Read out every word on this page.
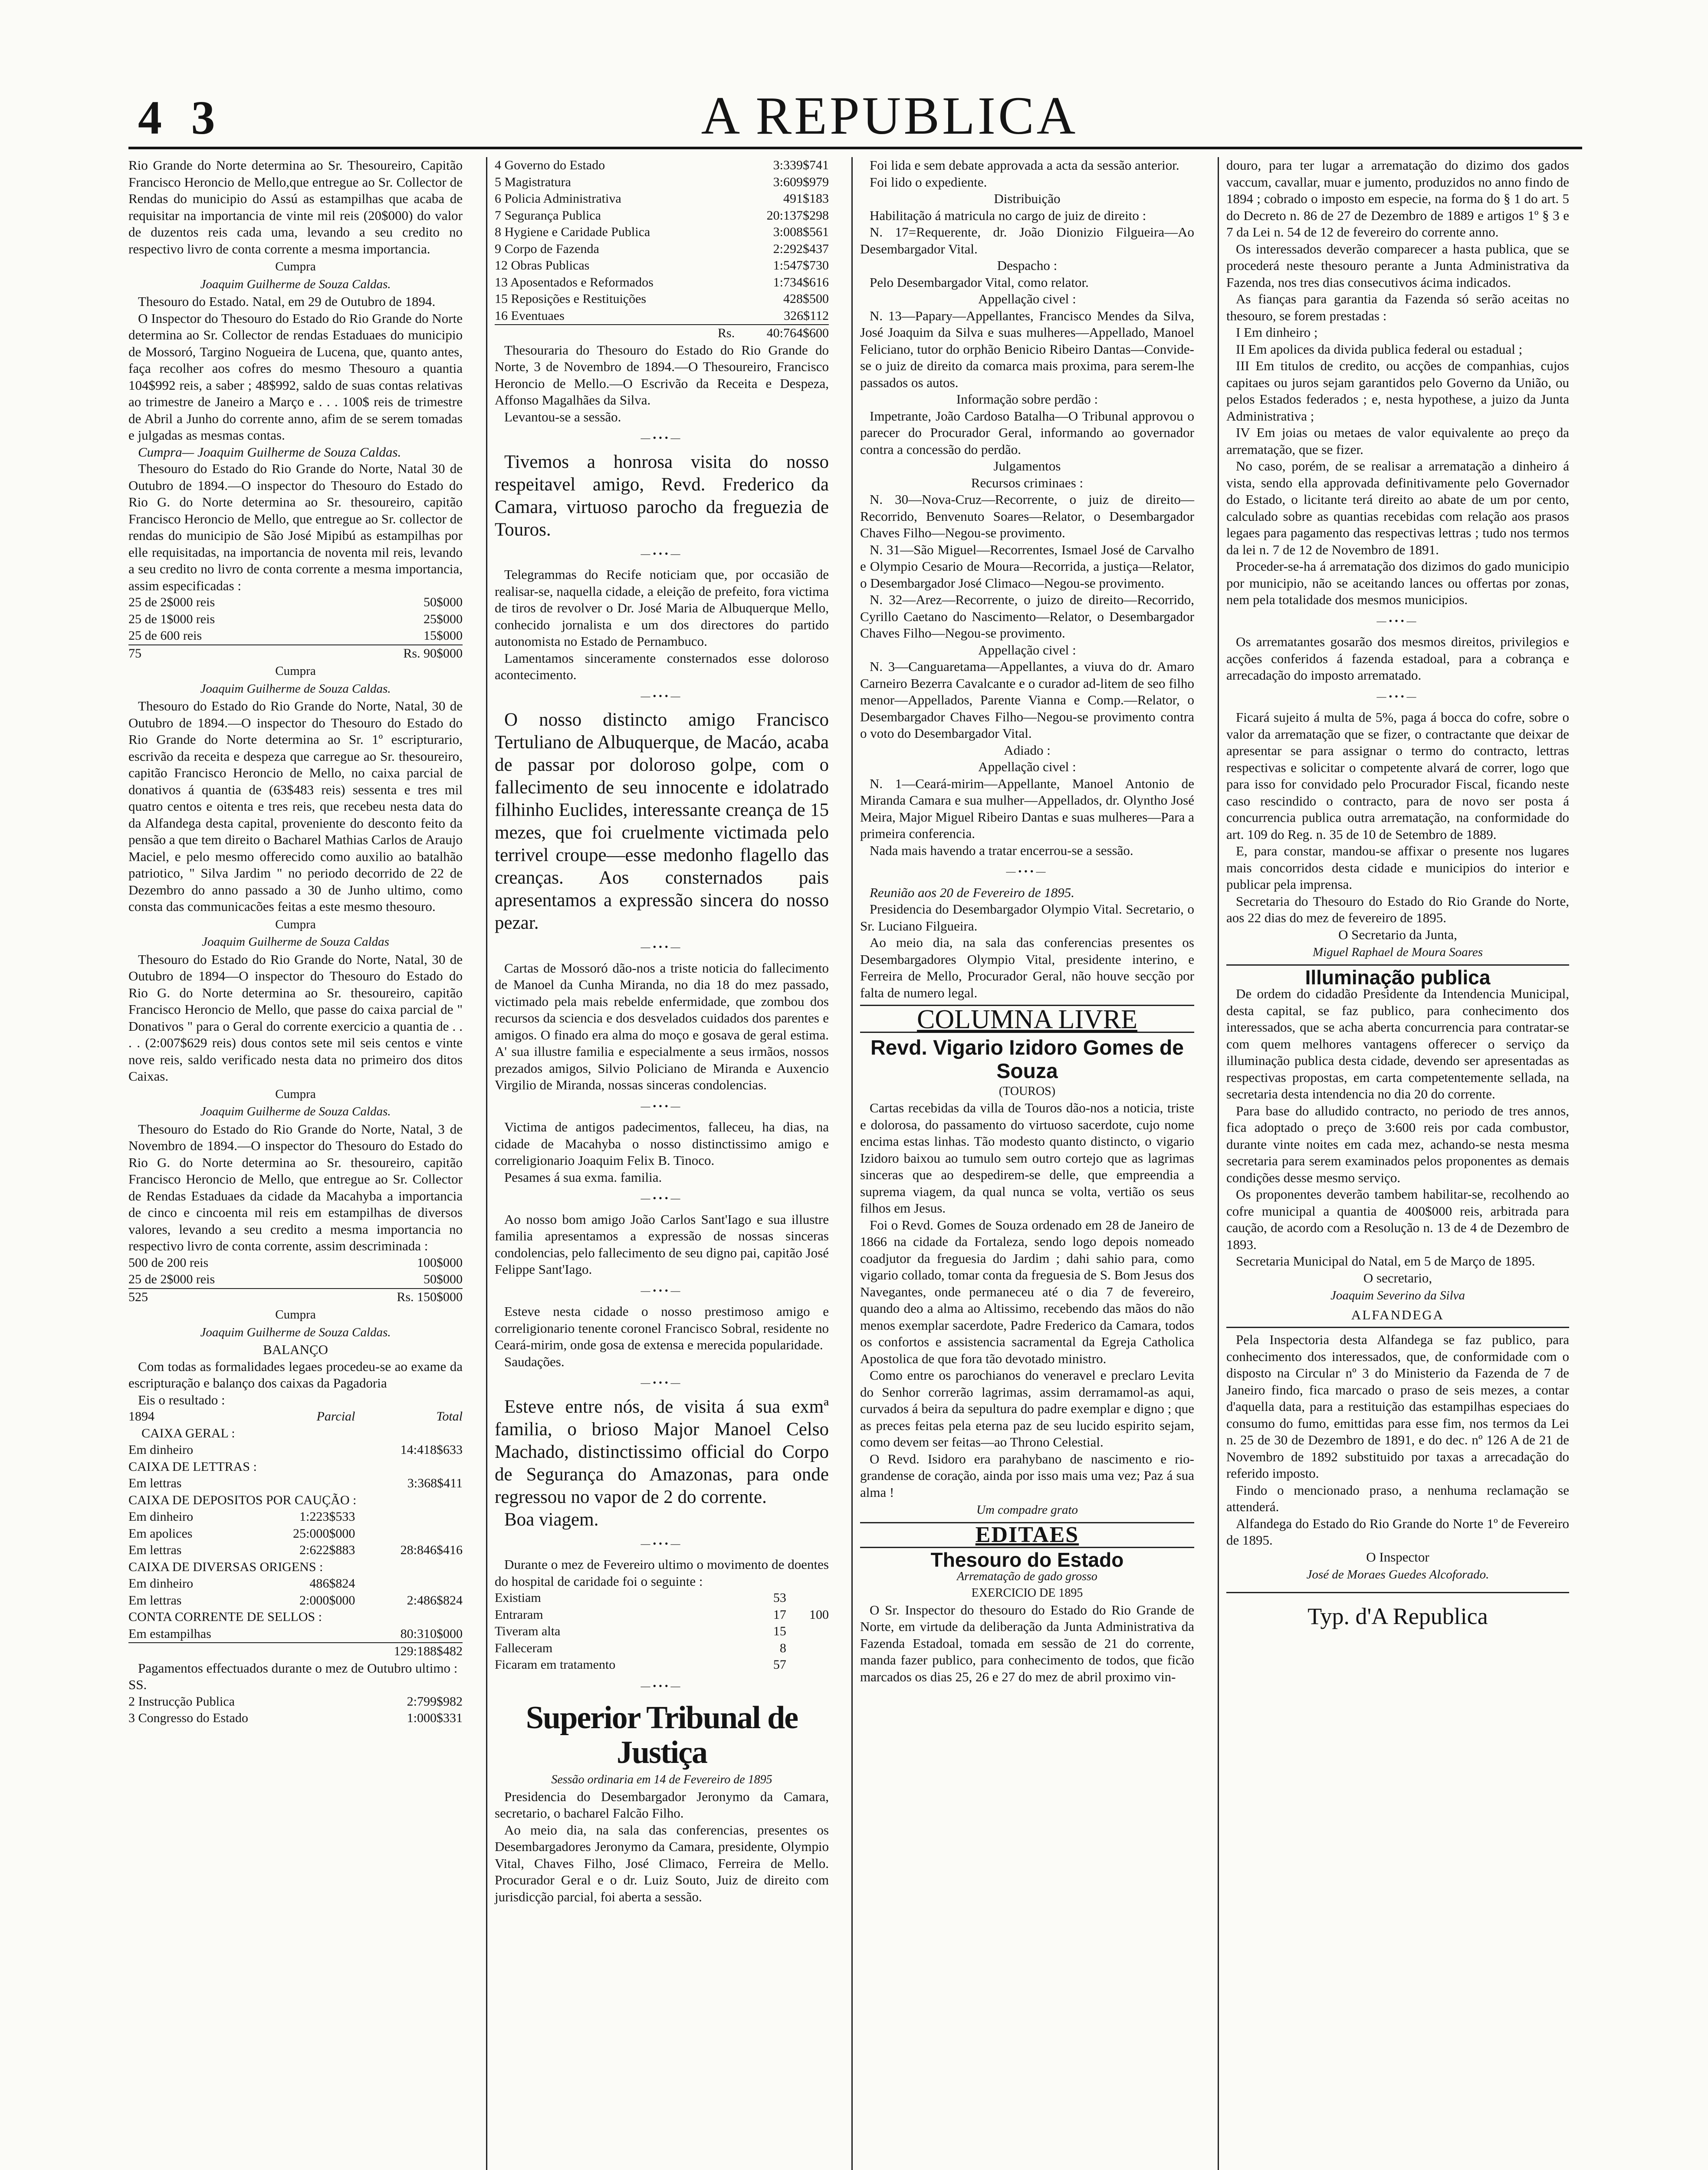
4 3	A REPUBLICA

Rio Grande do Norte determina ao Sr. Thesoureiro, Capitão Francisco Heroncio de Mello,que entregue ao Sr. Collector de Rendas do municipio do Assú as estampilhas que acaba de requisitar na importancia de vinte mil reis (20$000) do valor de duzentos reis cada uma, levando a seu credito no respectivo livro de conta corrente a mesma importancia.

Cumpra
Joaquim Guilherme de Souza Caldas.

Thesouro do Estado. Natal, em 29 de Outubro de 1894.

O Inspector do Thesouro do Estado do Rio Grande do Norte determina ao Sr. Collector de rendas Estaduaes do municipio de Mossoró, Targino Nogueira de Lucena, que, quanto antes, faça recolher aos cofres do mesmo Thesouro a quantia 104$992 reis, a saber ; 48$992, saldo de suas contas relativas ao trimestre de Janeiro a Março e . . . 100$ reis de trimestre de Abril a Junho do corrente anno, afim de se serem tomadas e julgadas as mesmas contas.

Cumpra— Joaquim Guilherme de Souza Caldas.

Thesouro do Estado do Rio Grande do Norte, Natal 30 de Outubro de 1894.—O inspector do Thesouro do Estado do Rio G. do Norte determina ao Sr. thesoureiro, capitão Francisco Heroncio de Mello, que entregue ao Sr. collector de rendas do municipio de São José Mipibú as estampilhas por elle requisitadas, na importancia de noventa mil reis, levando a seu credito no livro de conta corrente a mesma importancia, assim especificadas :

25 de 2$000 reis	50$000
25 de 1$000 reis	25$000
25 de 600 reis	15$000
75	Rs. 90$000
Cumpra
Joaquim Guilherme de Souza Caldas.

Thesouro do Estado do Rio Grande do Norte, Natal, 30 de Outubro de 1894.—O inspector do Thesouro do Estado do Rio Grande do Norte determina ao Sr. 1º escripturario, escrivão da receita e despeza que carregue ao Sr. thesoureiro, capitão Francisco Heroncio de Mello, no caixa parcial de donativos á quantia de (63$483 reis) sessenta e tres mil quatro centos e oitenta e tres reis, que recebeu nesta data do da Alfandega desta capital, proveniente do desconto feito da pensão a que tem direito o Bacharel Mathias Carlos de Araujo Maciel, e pelo mesmo offerecido como auxilio ao batalhão patriotico, " Silva Jardim " no periodo decorrido de 22 de Dezembro do anno passado a 30 de Junho ultimo, como consta das communicacões feitas a este mesmo thesouro.

Cumpra
Joaquim Guilherme de Souza Caldas

Thesouro do Estado do Rio Grande do Norte, Natal, 30 de Outubro de 1894—O inspector do Thesouro do Estado do Rio G. do Norte determina ao Sr. thesoureiro, capitão Francisco Heroncio de Mello, que passe do caixa parcial de " Donativos " para o Geral do corrente exercicio a quantia de . . . . (2:007$629 reis) dous contos sete mil seis centos e vinte nove reis, saldo verificado nesta data no primeiro dos ditos Caixas.

Cumpra
Joaquim Guilherme de Souza Caldas.

Thesouro do Estado do Rio Grande do Norte, Natal, 3 de Novembro de 1894.—O inspector do Thesouro do Estado do Rio G. do Norte determina ao Sr. thesoureiro, capitão Francisco Heroncio de Mello, que entregue ao Sr. Collector de Rendas Estaduaes da cidade da Macahyba a importancia de cinco e cincoenta mil reis em estampilhas de diversos valores, levando a seu credito a mesma importancia no respectivo livro de conta corrente, assim descriminada :

500 de 200 reis	100$000
25 de 2$000 reis	50$000
525	Rs. 150$000
Cumpra
Joaquim Guilherme de Souza Caldas.
BALANÇO

Com todas as formalidades legaes procedeu-se ao exame da escripturação e balanço dos caixas da Pagadoria

Eis o resultado :

1894	Parcial	Total
CAIXA GERAL :		
Em dinheiro		14:418$633
CAIXA DE LETTRAS :		
Em lettras		3:368$411
CAIXA DE DEPOSITOS POR CAUÇÃO :		
Em dinheiro	1:223$533	
Em apolices	25:000$000	
Em lettras	2:622$883	28:846$416
CAIXA DE DIVERSAS ORIGENS :		
Em dinheiro	486$824	
Em lettras	2:000$000	2:486$824
CONTA CORRENTE DE SELLOS :		
Em estampilhas		80:310$000
		129:188$482

Pagamentos effectuados durante o mez de Outubro ultimo :

SS.
2 Instrucção Publica	2:799$982
3 Congresso do Estado	1:000$331
4 Governo do Estado	3:339$741
5 Magistratura	3:609$979
6 Policia Administrativa	491$183
7 Segurança Publica	20:137$298
8 Hygiene e Caridade Publica	3:008$561
9 Corpo de Fazenda	2:292$437
12 Obras Publicas	1:547$730
13 Aposentados e Reformados	1:734$616
15 Reposições e Restituições	428$500
16 Eventuaes	326$112
Rs.	40:764$600

Thesouraria do Thesouro do Estado do Rio Grande do Norte, 3 de Novembro de 1894.—O Thesoureiro, Francisco Heroncio de Mello.—O Escrivão da Receita e Despeza, Affonso Magalhães da Silva.

Levantou-se a sessão.

—•••—

Tivemos a honrosa visita do nosso respeitavel amigo, Revd. Frederico da Camara, virtuoso parocho da freguezia de Touros.

—•••—

Telegrammas do Recife noticiam que, por occasião de realisar-se, naquella cidade, a eleição de prefeito, fora victima de tiros de revolver o Dr. José Maria de Albuquerque Mello, conhecido jornalista e um dos directores do partido autonomista no Estado de Pernambuco.

Lamentamos sinceramente consternados esse doloroso acontecimento.

—•••—

O nosso distincto amigo Francisco Tertuliano de Albuquerque, de Macáo, acaba de passar por doloroso golpe, com o fallecimento de seu innocente e idolatrado filhinho Euclides, interessante creança de 15 mezes, que foi cruelmente victimada pelo terrivel croupe—esse medonho flagello das creanças. Aos consternados pais apresentamos a expressão sincera do nosso pezar.

—•••—

Cartas de Mossoró dão-nos a triste noticia do fallecimento de Manoel da Cunha Miranda, no dia 18 do mez passado, victimado pela mais rebelde enfermidade, que zombou dos recursos da sciencia e dos desvelados cuidados dos parentes e amigos. O finado era alma do moço e gosava de geral estima. A' sua illustre familia e especialmente a seus irmãos, nossos prezados amigos, Silvio Policiano de Miranda e Auxencio Virgilio de Miranda, nossas sinceras condolencias.

—•••—

Victima de antigos padecimentos, falleceu, ha dias, na cidade de Macahyba o nosso distinctissimo amigo e correligionario Joaquim Felix B. Tinoco.

Pesames á sua exma. familia.

—•••—

Ao nosso bom amigo João Carlos Sant'Iago e sua illustre familia apresentamos a expressão de nossas sinceras condolencias, pelo fallecimento de seu digno pai, capitão José Felippe Sant'Iago.

—•••—

Esteve nesta cidade o nosso prestimoso amigo e correligionario tenente coronel Francisco Sobral, residente no Ceará-mirim, onde gosa de extensa e merecida popularidade.

Saudações.

—•••—

Esteve entre nós, de visita á sua exmª familia, o brioso Major Manoel Celso Machado, distinctissimo official do Corpo de Segurança do Amazonas, para onde regressou no vapor de 2 do corrente.

Boa viagem.

—•••—

Durante o mez de Fevereiro ultimo o movimento de doentes do hospital de caridade foi o seguinte :

Existiam	53	
Entraram	17	100
Tiveram alta	15	
Falleceram	8	
Ficaram em tratamento	57	
—•••—
Superior Tribunal de Justiça
Sessão ordinaria em 14 de Fevereiro de 1895

Presidencia do Desembargador Jeronymo da Camara, secretario, o bacharel Falcão Filho.

Ao meio dia, na sala das conferencias, presentes os Desembargadores Jeronymo da Camara, presidente, Olympio Vital, Chaves Filho, José Climaco, Ferreira de Mello. Procurador Geral e o dr. Luiz Souto, Juiz de direito com jurisdicção parcial, foi aberta a sessão.

Foi lida e sem debate approvada a acta da sessão anterior.

Foi lido o expediente.

Distribuição

Habilitação á matricula no cargo de juiz de direito :

N. 17=Requerente, dr. João Dionizio Filgueira—Ao Desembargador Vital.

Despacho :

Pelo Desembargador Vital, como relator.

Appellação civel :

N. 13—Papary—Appellantes, Francisco Mendes da Silva, José Joaquim da Silva e suas mulheres—Appellado, Manoel Feliciano, tutor do orphão Benicio Ribeiro Dantas—Convide-se o juiz de direito da comarca mais proxima, para serem-lhe passados os autos.

Informação sobre perdão :

Impetrante, João Cardoso Batalha—O Tribunal approvou o parecer do Procurador Geral, informando ao governador contra a concessão do perdão.

Julgamentos
Recursos criminaes :

N. 30—Nova-Cruz—Recorrente, o juiz de direito—Recorrido, Benvenuto Soares—Relator, o Desembargador Chaves Filho—Negou-se provimento.

N. 31—São Miguel—Recorrentes, Ismael José de Carvalho e Olympio Cesario de Moura—Recorrida, a justiça—Relator, o Desembargador José Climaco—Negou-se provimento.

N. 32—Arez—Recorrente, o juizo de direito—Recorrido, Cyrillo Caetano do Nascimento—Relator, o Desembargador Chaves Filho—Negou-se provimento.

Appellação civel :

N. 3—Canguaretama—Appellantes, a viuva do dr. Amaro Carneiro Bezerra Cavalcante e o curador ad-litem de seo filho menor—Appellados, Parente Vianna e Comp.—Relator, o Desembargador Chaves Filho—Negou-se provimento contra o voto do Desembargador Vital.

Adiado :
Appellação civel :

N. 1—Ceará-mirim—Appellante, Manoel Antonio de Miranda Camara e sua mulher—Appellados, dr. Olyntho José Meira, Major Miguel Ribeiro Dantas e suas mulheres—Para a primeira conferencia.

Nada mais havendo a tratar encerrou-se a sessão.

—•••—

Reunião aos 20 de Fevereiro de 1895.

Presidencia do Desembargador Olympio Vital. Secretario, o Sr. Luciano Filgueira.

Ao meio dia, na sala das conferencias presentes os Desembargadores Olympio Vital, presidente interino, e Ferreira de Mello, Procurador Geral, não houve secção por falta de numero legal.

COLUMNA LIVRE
Revd. Vigario Izidoro Gomes de Souza
(TOUROS)

Cartas recebidas da villa de Touros dão-nos a noticia, triste e dolorosa, do passamento do virtuoso sacerdote, cujo nome encima estas linhas. Tão modesto quanto distincto, o vigario Izidoro baixou ao tumulo sem outro cortejo que as lagrimas sinceras que ao despedirem-se delle, que empreendia a suprema viagem, da qual nunca se volta, vertião os seus filhos em Jesus.

Foi o Revd. Gomes de Souza ordenado em 28 de Janeiro de 1866 na cidade da Fortaleza, sendo logo depois nomeado coadjutor da freguesia do Jardim ; dahi sahio para, como vigario collado, tomar conta da freguesia de S. Bom Jesus dos Navegantes, onde permaneceu até o dia 7 de fevereiro, quando deo a alma ao Altissimo, recebendo das mãos do não menos exemplar sacerdote, Padre Frederico da Camara, todos os confortos e assistencia sacramental da Egreja Catholica Apostolica de que fora tão devotado ministro.

Como entre os parochianos do veneravel e preclaro Levita do Senhor correrão lagrimas, assim derramamol-as aqui, curvados á beira da sepultura do padre exemplar e digno ; que as preces feitas pela eterna paz de seu lucido espirito sejam, como devem ser feitas—ao Throno Celestial.

O Revd. Isidoro era parahybano de nascimento e rio-grandense de coração, ainda por isso mais uma vez; Paz á sua alma !

Um compadre grato
EDITAES
Thesouro do Estado
Arrematação de gado grosso
EXERCICIO DE 1895

O Sr. Inspector do thesouro do Estado do Rio Grande de Norte, em virtude da deliberação da Junta Administrativa da Fazenda Estadoal, tomada em sessão de 21 do corrente, manda fazer publico, para conhecimento de todos, que ficão marcados os dias 25, 26 e 27 do mez de abril proximo vin-

douro, para ter lugar a arrematação do dizimo dos gados vaccum, cavallar, muar e jumento, produzidos no anno findo de 1894 ; cobrado o imposto em especie, na forma do § 1 do art. 5 do Decreto n. 86 de 27 de Dezembro de 1889 e artigos 1º § 3 e 7 da Lei n. 54 de 12 de fevereiro do corrente anno.

Os interessados deverão comparecer a hasta publica, que se procederá neste thesouro perante a Junta Administrativa da Fazenda, nos tres dias consecutivos ácima indicados.

As fianças para garantia da Fazenda só serão aceitas no thesouro, se forem prestadas :

I Em dinheiro ;

II Em apolices da divida publica federal ou estadual ;

III Em titulos de credito, ou acções de companhias, cujos capitaes ou juros sejam garantidos pelo Governo da União, ou pelos Estados federados ; e, nesta hypothese, a juizo da Junta Administrativa ;

IV Em joias ou metaes de valor equivalente ao preço da arrematação, que se fizer.

No caso, porém, de se realisar a arrematação a dinheiro á vista, sendo ella approvada definitivamente pelo Governador do Estado, o licitante terá direito ao abate de um por cento, calculado sobre as quantias recebidas com relação aos prasos legaes para pagamento das respectivas lettras ; tudo nos termos da lei n. 7 de 12 de Novembro de 1891.

Proceder-se-ha á arrematação dos dizimos do gado municipio por municipio, não se aceitando lances ou offertas por zonas, nem pela totalidade dos mesmos municipios.

—•••—

Os arrematantes gosarão dos mesmos direitos, privilegios e acções conferidos á fazenda estadoal, para a cobrança e arrecadação do imposto arrematado.

—•••—

Ficará sujeito á multa de 5%, paga á bocca do cofre, sobre o valor da arrematação que se fizer, o contractante que deixar de apresentar se para assignar o termo do contracto, lettras respectivas e solicitar o competente alvará de correr, logo que para isso for convidado pelo Procurador Fiscal, ficando neste caso rescindido o contracto, para de novo ser posta á concurrencia publica outra arrematação, na conformidade do art. 109 do Reg. n. 35 de 10 de Setembro de 1889.

E, para constar, mandou-se affixar o presente nos lugares mais concorridos desta cidade e municipios do interior e publicar pela imprensa.

Secretaria do Thesouro do Estado do Rio Grande do Norte, aos 22 dias do mez de fevereiro de 1895.

O Secretario da Junta,
Miguel Raphael de Moura Soares
Illuminação publica

De ordem do cidadão Presidente da Intendencia Municipal, desta capital, se faz publico, para conhecimento dos interessados, que se acha aberta concurrencia para contratar-se com quem melhores vantagens offerecer o serviço da illuminação publica desta cidade, devendo ser apresentadas as respectivas propostas, em carta competentemente sellada, na secretaria desta intendencia no dia 20 do corrente.

Para base do alludido contracto, no periodo de tres annos, fica adoptado o preço de 3:600 reis por cada combustor, durante vinte noites em cada mez, achando-se nesta mesma secretaria para serem examinados pelos proponentes as demais condições desse mesmo serviço.

Os proponentes deverão tambem habilitar-se, recolhendo ao cofre municipal a quantia de 400$000 reis, arbitrada para caução, de acordo com a Resolução n. 13 de 4 de Dezembro de 1893.

Secretaria Municipal do Natal, em 5 de Março de 1895.

O secretario,
Joaquim Severino da Silva
ALFANDEGA

Pela Inspectoria desta Alfandega se faz publico, para conhecimento dos interessados, que, de conformidade com o disposto na Circular nº 3 do Ministerio da Fazenda de 7 de Janeiro findo, fica marcado o praso de seis mezes, a contar d'aquella data, para a restituição das estampilhas especiaes do consumo do fumo, emittidas para esse fim, nos termos da Lei n. 25 de 30 de Dezembro de 1891, e do dec. nº 126 A de 21 de Novembro de 1892 substituido por taxas a arrecadação do referido imposto.

Findo o mencionado praso, a nenhuma reclamação se attenderá.

Alfandega do Estado do Rio Grande do Norte 1º de Fevereiro de 1895.

O Inspector
José de Moraes Guedes Alcoforado.
Typ. d'A Republica
